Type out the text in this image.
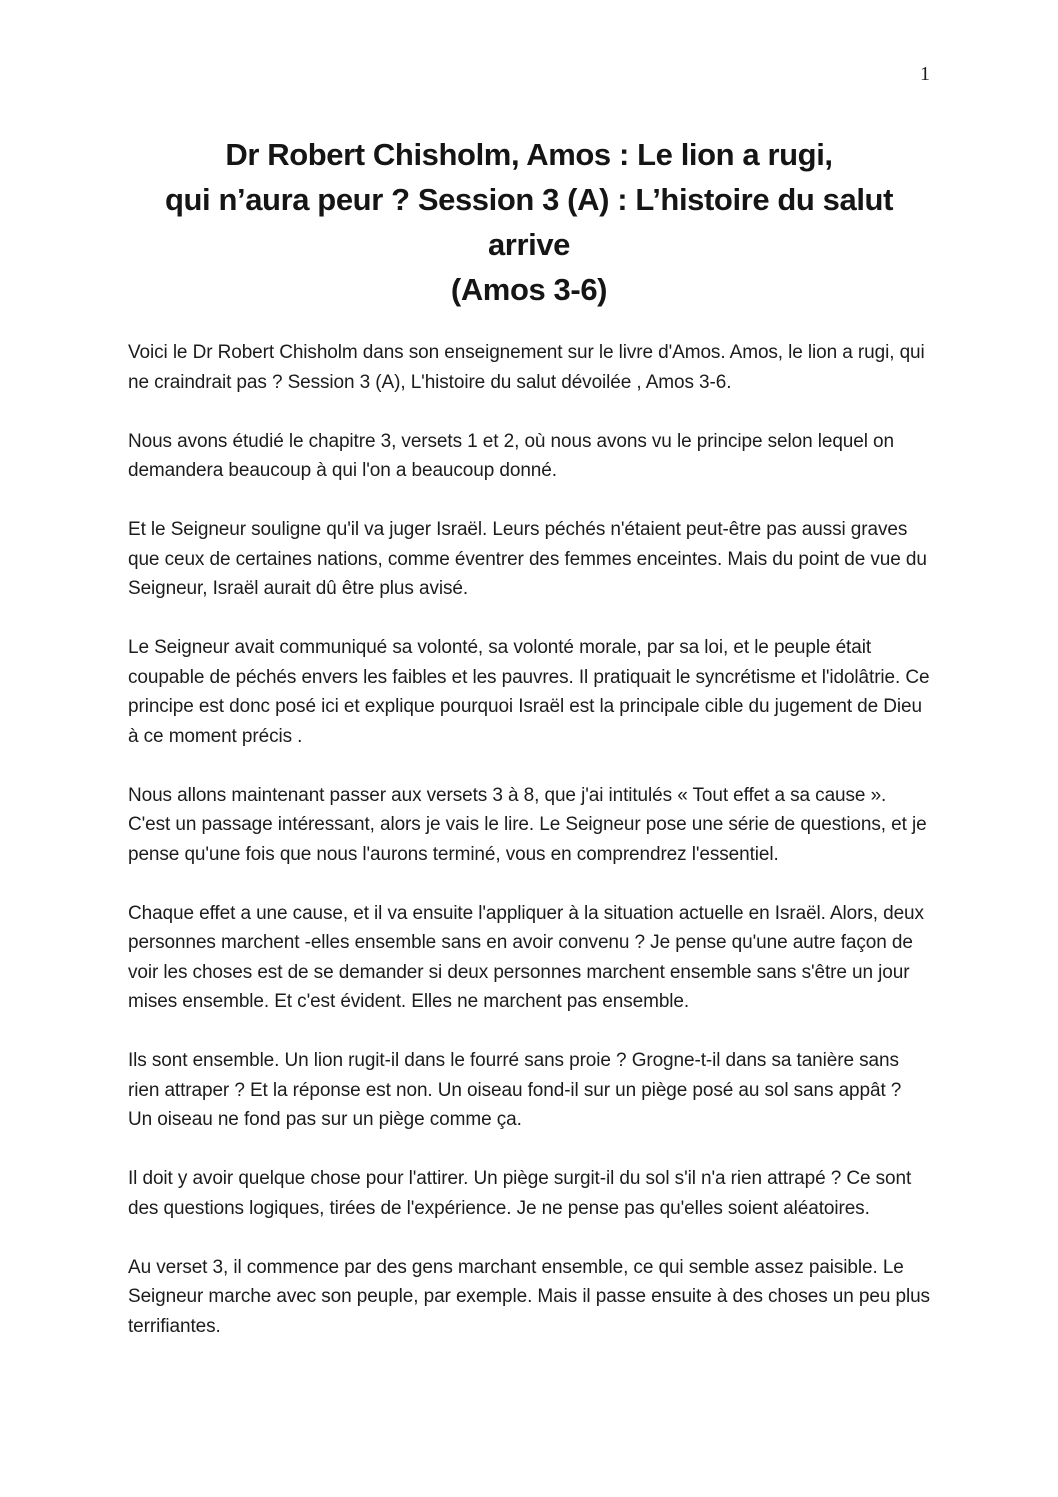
1
Dr Robert Chisholm, Amos : Le lion a rugi,
qui n’aura peur ? Session 3 (A) : L’histoire du salut
arrive
(Amos 3-6)
Voici le Dr Robert Chisholm dans son enseignement sur le livre d'Amos. Amos, le lion a rugi, qui ne craindrait pas ? Session 3 (A), L'histoire du salut dévoilée , Amos 3-6.
Nous avons étudié le chapitre 3, versets 1 et 2, où nous avons vu le principe selon lequel on demandera beaucoup à qui l'on a beaucoup donné.
Et le Seigneur souligne qu'il va juger Israël. Leurs péchés n'étaient peut-être pas aussi graves que ceux de certaines nations, comme éventrer des femmes enceintes. Mais du point de vue du Seigneur, Israël aurait dû être plus avisé.
Le Seigneur avait communiqué sa volonté, sa volonté morale, par sa loi, et le peuple était coupable de péchés envers les faibles et les pauvres. Il pratiquait le syncrétisme et l'idolâtrie. Ce principe est donc posé ici et explique pourquoi Israël est la principale cible du jugement de Dieu à ce moment précis .
Nous allons maintenant passer aux versets 3 à 8, que j'ai intitulés « Tout effet a sa cause ». C'est un passage intéressant, alors je vais le lire. Le Seigneur pose une série de questions, et je pense qu'une fois que nous l'aurons terminé, vous en comprendrez l'essentiel.
Chaque effet a une cause, et il va ensuite l'appliquer à la situation actuelle en Israël. Alors, deux personnes marchent -elles ensemble sans en avoir convenu ? Je pense qu'une autre façon de voir les choses est de se demander si deux personnes marchent ensemble sans s'être un jour mises ensemble. Et c'est évident. Elles ne marchent pas ensemble.
Ils sont ensemble. Un lion rugit-il dans le fourré sans proie ? Grogne-t-il dans sa tanière sans rien attraper ? Et la réponse est non. Un oiseau fond-il sur un piège posé au sol sans appât ? Un oiseau ne fond pas sur un piège comme ça.
Il doit y avoir quelque chose pour l'attirer. Un piège surgit-il du sol s'il n'a rien attrapé ? Ce sont des questions logiques, tirées de l'expérience. Je ne pense pas qu'elles soient aléatoires.
Au verset 3, il commence par des gens marchant ensemble, ce qui semble assez paisible. Le Seigneur marche avec son peuple, par exemple. Mais il passe ensuite à des choses un peu plus terrifiantes.
